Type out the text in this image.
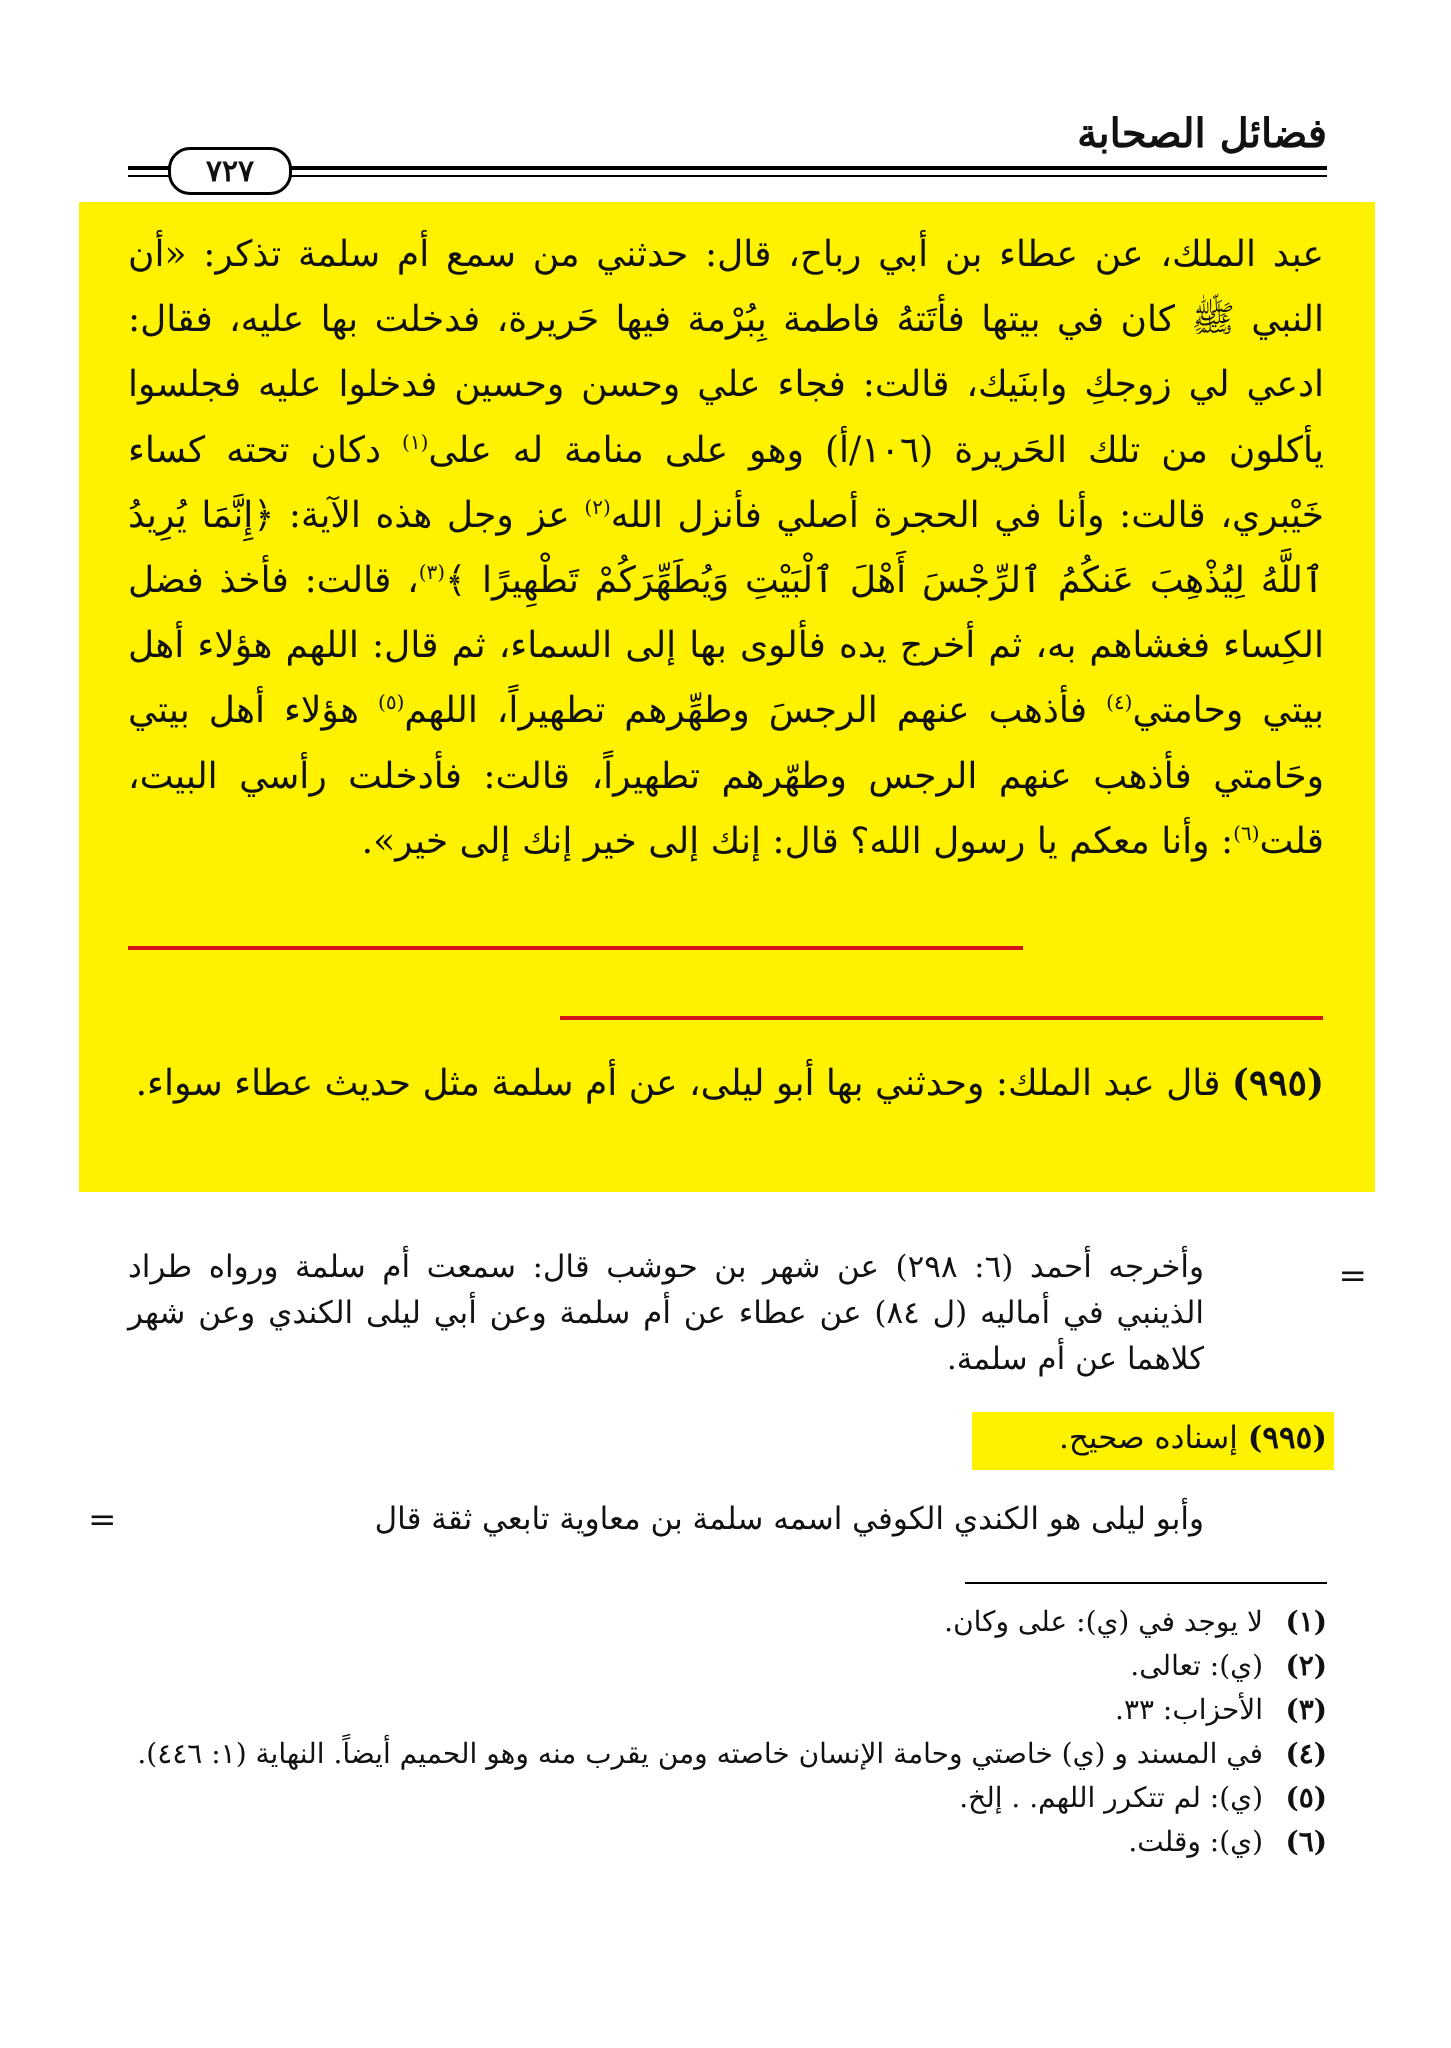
فضائل الصحابة
٧٢٧

عبد الملك، عن عطاء بن أبي رباح، قال: حدثني من سمع أم سلمة تذكر: «أن النبي ﷺ كان في بيتها فأتَتهُ فاطمة بِبُرْمة فيها حَريرة، فدخلت بها عليه، فقال: ادعي لي زوجكِ وابنَيك، قالت: فجاء علي وحسن وحسين فدخلوا عليه فجلسوا يأكلون من تلك الحَريرة (١٠٦/أ) وهو على منامة له على$^{(١)}$ دكان تحته كساء خَيْبري، قالت: وأنا في الحجرة أصلي فأنزل الله$^{(٢)}$ عز وجل هذه الآية: ﴿إِنَّمَا يُرِيدُ ٱللَّهُ لِيُذْهِبَ عَنكُمُ ٱلرِّجْسَ أَهْلَ ٱلْبَيْتِ وَيُطَهِّرَكُمْ تَطْهِيرًا ﴾$^{(٣)}$، قالت: فأخذ فضل الكِساء فغشاهم به، ثم أخرج يده فألوى بها إلى السماء، ثم قال: اللهم هؤلاء أهل بيتي وحامتي$^{(٤)}$ فأذهب عنهم الرجسَ وطهِّرهم تطهيراً، اللهم$^{(٥)}$ هؤلاء أهل بيتي وحَامتي فأذهب عنهم الرجس وطهّرهم تطهيراً، قالت: فأدخلت رأسي البيت، قلت$^{(٦)}$: وأنا معكم يا رسول الله؟ قال: إنك إلى خير إنك إلى خير».

(٩٩٥) قال عبد الملك: وحدثني بها أبو ليلى، عن أم سلمة مثل حديث عطاء سواء.

=

وأخرجه أحمد (٦: ٢٩٨) عن شهر بن حوشب قال: سمعت أم سلمة ورواه طراد الذينبي في أماليه (ل ٨٤) عن عطاء عن أم سلمة وعن أبي ليلى الكندي وعن شهر كلاهما عن أم سلمة.

(٩٩٥) إسناده صحيح.

وأبو ليلى هو الكندي الكوفي اسمه سلمة بن معاوية تابعي ثقة قال

=

(١)
لا يوجد في (ي): على وكان.

(٢)
(ي): تعالى.

(٣)
الأحزاب: ٣٣.

(٤)
في المسند و (ي) خاصتي وحامة الإنسان خاصته ومن يقرب منه وهو الحميم أيضاً. النهاية (١: ٤٤٦).

(٥)
(ي): لم تتكرر اللهم. . إلخ.

(٦)
(ي): وقلت.
